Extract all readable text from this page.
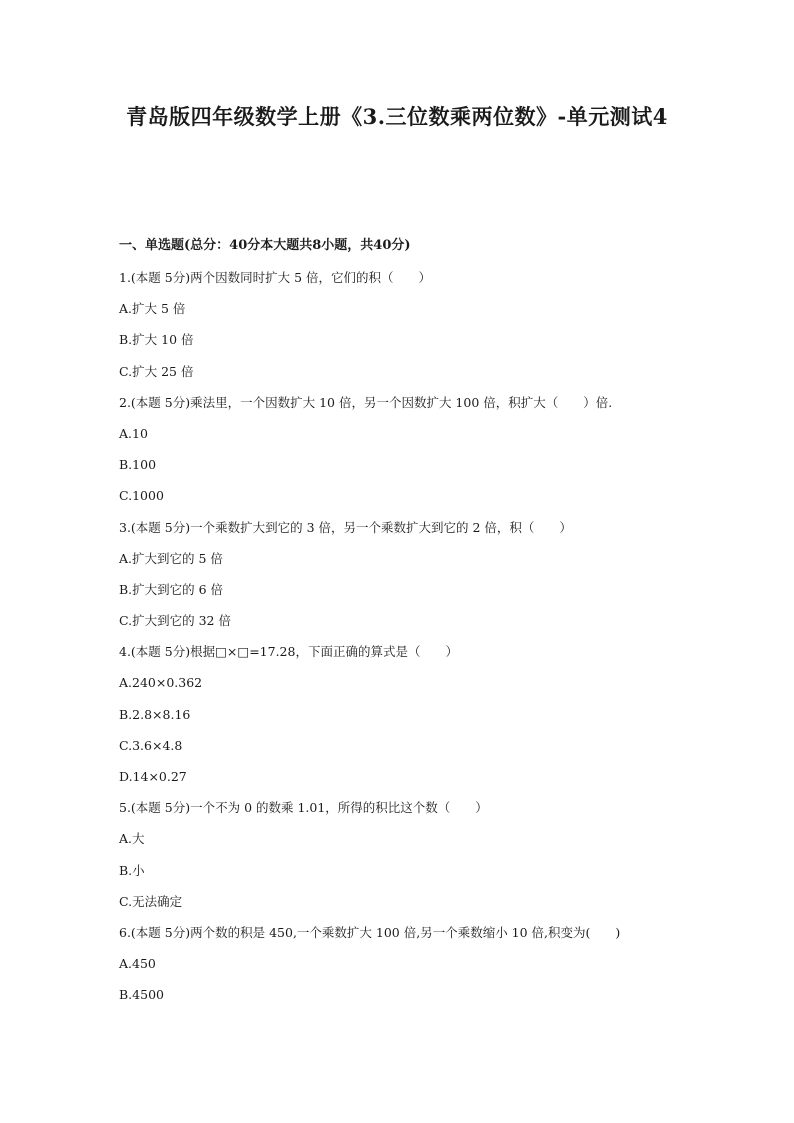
青岛版四年级数学上册《3.三位数乘两位数》-单元测试4
一、单选题(总分：40分本大题共8小题，共40分)
1.(本题 5分)两个因数同时扩大 5 倍，它们的积（　　）
A.扩大 5 倍
B.扩大 10 倍
C.扩大 25 倍
2.(本题 5分)乘法里，一个因数扩大 10 倍，另一个因数扩大 100 倍，积扩大（　　）倍.
A.10
B.100
C.1000
3.(本题 5分)一个乘数扩大到它的 3 倍，另一个乘数扩大到它的 2 倍，积（　　）
A.扩大到它的 5 倍
B.扩大到它的 6 倍
C.扩大到它的 32 倍
4.(本题 5分)根据□×□=17.28，下面正确的算式是（　　）
A.240×0.362
B.2.8×8.16
C.3.6×4.8
D.14×0.27
5.(本题 5分)一个不为 0 的数乘 1.01，所得的积比这个数（　　）
A.大
B.小
C.无法确定
6.(本题 5分)两个数的积是 450,一个乘数扩大 100 倍,另一个乘数缩小 10 倍,积变为(　　)
A.450
B.4500
